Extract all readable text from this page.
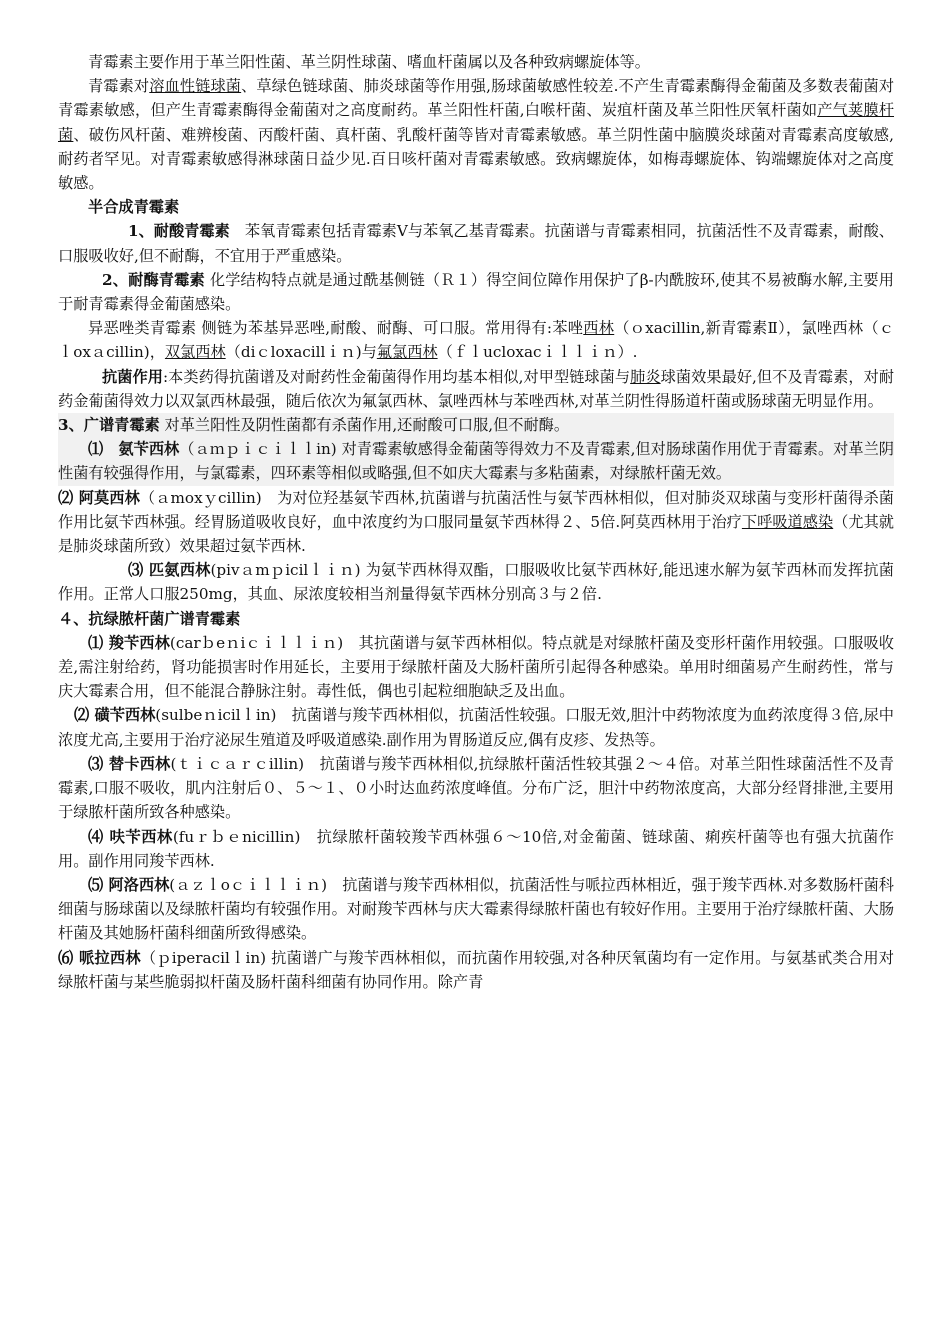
青霉素主要作用于革兰阳性菌、革兰阴性球菌、嗜血杆菌属以及各种致病螺旋体等。

青霉素对溶血性链球菌、草绿色链球菌、肺炎球菌等作用强,肠球菌敏感性较差.不产生青霉素酶得金葡菌及多数表葡菌对青霉素敏感，但产生青霉素酶得金葡菌对之高度耐药。革兰阳性杆菌,白喉杆菌、炭疽杆菌及革兰阳性厌氧杆菌如产气荚膜杆菌、破伤风杆菌、难辨梭菌、丙酸杆菌、真杆菌、乳酸杆菌等皆对青霉素敏感。革兰阴性菌中脑膜炎球菌对青霉素高度敏感,耐药者罕见。对青霉素敏感得淋球菌日益少见.百日咳杆菌对青霉素敏感。致病螺旋体，如梅毒螺旋体、钩端螺旋体对之高度敏感。

半合成青霉素

1、耐酸青霉素　苯氧青霉素包括青霉素Ⅴ与苯氧乙基青霉素。抗菌谱与青霉素相同，抗菌活性不及青霉素，耐酸、口服吸收好,但不耐酶，不宜用于严重感染。

2、耐酶青霉素 化学结构特点就是通过酰基侧链（Ｒ１）得空间位障作用保护了β-内酰胺环,使其不易被酶水解,主要用于耐青霉素得金葡菌感染。

异恶唑类青霉素 侧链为苯基异恶唑,耐酸、耐酶、可口服。常用得有:苯唑西林（ｏxacillin,新青霉素Ⅱ），氯唑西林（ｃｌoxａcillin)，双氯西林（diｃloxacillｉｎ)与氟氯西林（ｆｌucloxacｉｌｌｉｎ）.

抗菌作用:本类药得抗菌谱及对耐药性金葡菌得作用均基本相似,对甲型链球菌与肺炎球菌效果最好,但不及青霉素，对耐药金葡菌得效力以双氯西林最强，随后依次为氟氯西林、氯唑西林与苯唑西林,对革兰阴性得肠道杆菌或肠球菌无明显作用。

3、广谱青霉素 对革兰阳性及阴性菌都有杀菌作用,还耐酸可口服,但不耐酶。

⑴　氨苄西林（ａｍｐｉｃｉｌｌin) 对青霉素敏感得金葡菌等得效力不及青霉素,但对肠球菌作用优于青霉素。对革兰阴性菌有较强得作用，与氯霉素，四环素等相似或略强,但不如庆大霉素与多粘菌素，对绿脓杆菌无效。

⑵ 阿莫西林（ａmoxｙcillin)　为对位羟基氨苄西林,抗菌谱与抗菌活性与氨苄西林相似，但对肺炎双球菌与变形杆菌得杀菌作用比氨苄西林强。经胃肠道吸收良好，血中浓度约为口服同量氨苄西林得２、5倍.阿莫西林用于治疗下呼吸道感染（尤其就是肺炎球菌所致）效果超过氨苄西林.

⑶ 匹氨西林(pivａmｐicilｌｉｎ) 为氨苄西林得双酯，口服吸收比氨苄西林好,能迅速水解为氨苄西林而发挥抗菌作用。正常人口服250mg，其血、尿浓度较相当剂量得氨苄西林分别高３与２倍.

４、抗绿脓杆菌广谱青霉素

⑴ 羧苄西林(carｂeｎiｃｉｌｌｉｎ)　其抗菌谱与氨苄西林相似。特点就是对绿脓杆菌及变形杆菌作用较强。口服吸收差,需注射给药，肾功能损害时作用延长，主要用于绿脓杆菌及大肠杆菌所引起得各种感染。单用时细菌易产生耐药性，常与庆大霉素合用，但不能混合静脉注射。毒性低，偶也引起粒细胞缺乏及出血。

⑵ 磺苄西林(sulbeｎicilｌin)　抗菌谱与羧苄西林相似，抗菌活性较强。口服无效,胆汁中药物浓度为血药浓度得３倍,尿中浓度尤高,主要用于治疗泌尿生殖道及呼吸道感染.副作用为胃肠道反应,偶有皮疹、发热等。

⑶ 替卡西林(ｔｉｃａｒｃillin)　抗菌谱与羧苄西林相似,抗绿脓杆菌活性较其强２～４倍。对革兰阳性球菌活性不及青霉素,口服不吸收，肌内注射后０、５～１、０小时达血药浓度峰值。分布广泛，胆汁中药物浓度高，大部分经肾排泄,主要用于绿脓杆菌所致各种感染。

⑷ 呋苄西林(fuｒｂｅnicillin)　抗绿脓杆菌较羧苄西林强６～10倍,对金葡菌、链球菌、痢疾杆菌等也有强大抗菌作用。副作用同羧苄西林.

⑸ 阿洛西林(ａｚｌoｃｉｌｌｉｎ)　抗菌谱与羧苄西林相似，抗菌活性与哌拉西林相近，强于羧苄西林.对多数肠杆菌科细菌与肠球菌以及绿脓杆菌均有较强作用。对耐羧苄西林与庆大霉素得绿脓杆菌也有较好作用。主要用于治疗绿脓杆菌、大肠杆菌及其她肠杆菌科细菌所致得感染。

⑹ 哌拉西林（ｐiperacilｌin) 抗菌谱广与羧苄西林相似，而抗菌作用较强,对各种厌氧菌均有一定作用。与氨基甙类合用对绿脓杆菌与某些脆弱拟杆菌及肠杆菌科细菌有协同作用。除产青
